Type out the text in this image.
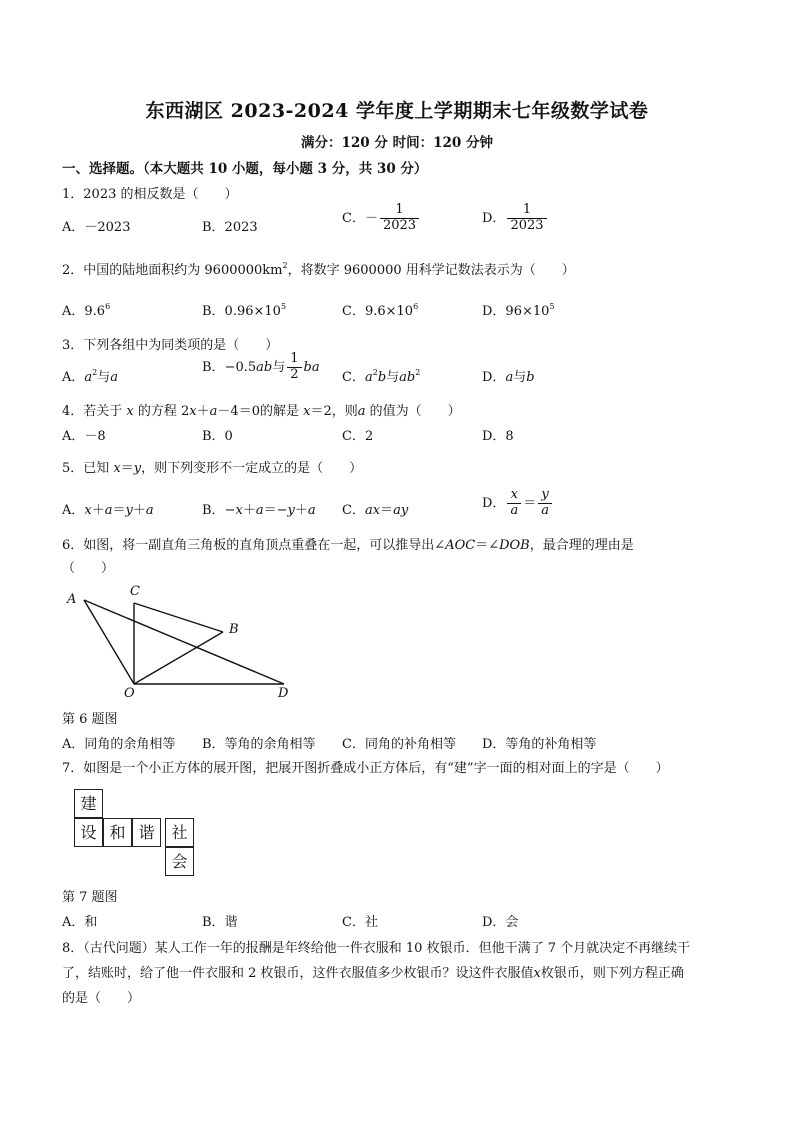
东西湖区 2023-2024 学年度上学期期末七年级数学试卷
满分：120 分 时间：120 分钟
一、选择题。（本大题共 10 小题，每小题 3 分，共 30 分）
1．2023 的相反数是（　　）
A．－2023	B．2023
C．－ $\frac{1}{2023}$	D． $\frac{1}{2023}$
2．中国的陆地面积约为 $9600000km^2$，将数字 9600000 用科学记数法表示为（　　）
A．$9.6^6$	B．$0.96\times 10^5$	C．$9.6\times 10^6$	D．$96\times 10^5$
3．下列各组中为同类项的是（　　）
A．$a^2$与a
B．−0.5ab与 $\frac{1}{2}$ ba
C．$a^2b$与$ab^2$	D．a与b
4．若关于 x 的方程 2x＋a－4＝0的解是 x＝2，则a 的值为（　　）
A．－8	B．0	C．2	D．8
5．已知 x＝y，则下列变形不一定成立的是（　　）
A．x＋a＝y＋a	B．−x＋a＝−y＋a C．ax＝ay	D． $\frac{x}{a} = \frac{y}{a}$
6．如图，将一副直角三角板的直角顶点重叠在一起，可以推导出∠AOC＝∠DOB，最合理的理由是
（　　）
A
C
B
O	D
第 6 题图
A．同角的余角相等 B．等角的余角相等 C．同角的补角相等 D．等角的补角相等
7．如图是一个小正方体的展开图，把展开图折叠成小正方体后，有“建”字一面的相对面上的字是（　　）
建
设 和 谐	社
会
第 7 题图
A．和	B．谐	C．社	D．会
8．（古代问题）某人工作一年的报酬是年终给他一件衣服和 10 枚银币．但他干满了 7 个月就决定不再继续干
了，结账时，给了他一件衣服和 2 枚银币，这件衣服值多少枚银币？设这件衣服值x枚银币，则下列方程正确
的是（　　）
